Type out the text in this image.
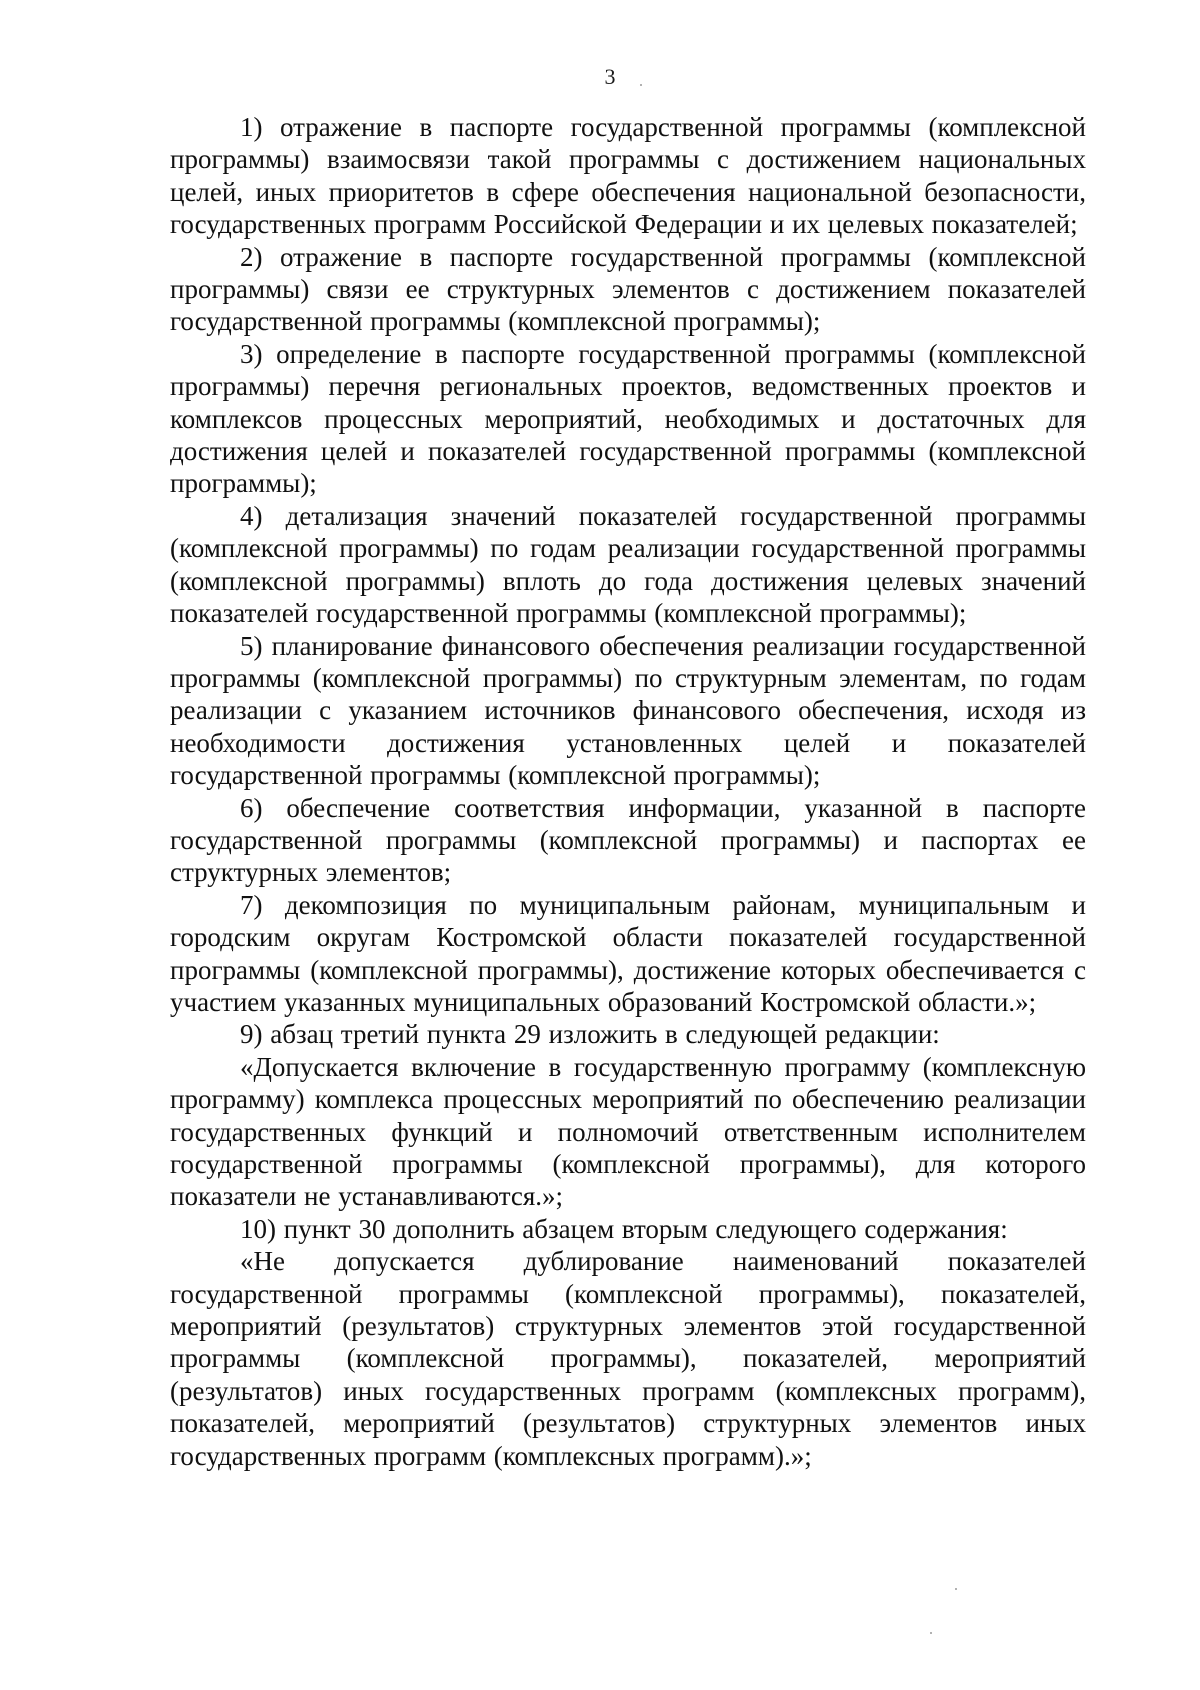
3

1) отражение в паспорте государственной программы (комплексной программы) взаимосвязи такой программы с достижением национальных целей, иных приоритетов в сфере обеспечения национальной безопасности, государственных программ Российской Федерации и их целевых показателей;

2) отражение в паспорте государственной программы (комплексной программы) связи ее структурных элементов с достижением показателей государственной программы (комплексной программы);

3) определение в паспорте государственной программы (комплексной программы) перечня региональных проектов, ведомственных проектов и комплексов процессных мероприятий, необходимых и достаточных для достижения целей и показателей государственной программы (комплексной программы);

4) детализация значений показателей государственной программы (комплексной программы) по годам реализации государственной программы (комплексной программы) вплоть до года достижения целевых значений показателей государственной программы (комплексной программы);

5) планирование финансового обеспечения реализации государственной программы (комплексной программы) по структурным элементам, по годам реализации с указанием источников финансового обеспечения, исходя из необходимости достижения установленных целей и показателей государственной программы (комплексной программы);

6) обеспечение соответствия информации, указанной в паспорте государственной программы (комплексной программы) и паспортах ее структурных элементов;

7) декомпозиция по муниципальным районам, муниципальным и городским округам Костромской области показателей государственной программы (комплексной программы), достижение которых обеспечивается с участием указанных муниципальных образований Костромской области.»;

9) абзац третий пункта 29 изложить в следующей редакции:

«Допускается включение в государственную программу (комплексную программу) комплекса процессных мероприятий по обеспечению реализации государственных функций и полномочий ответственным исполнителем государственной программы (комплексной программы), для которого показатели не устанавливаются.»;

10) пункт 30 дополнить абзацем вторым следующего содержания:

«Не допускается дублирование наименований показателей государственной программы (комплексной программы), показателей, мероприятий (результатов) структурных элементов этой государственной программы (комплексной программы), показателей, мероприятий (результатов) иных государственных программ (комплексных программ), показателей, мероприятий (результатов) структурных элементов иных государственных программ (комплексных программ).»;
